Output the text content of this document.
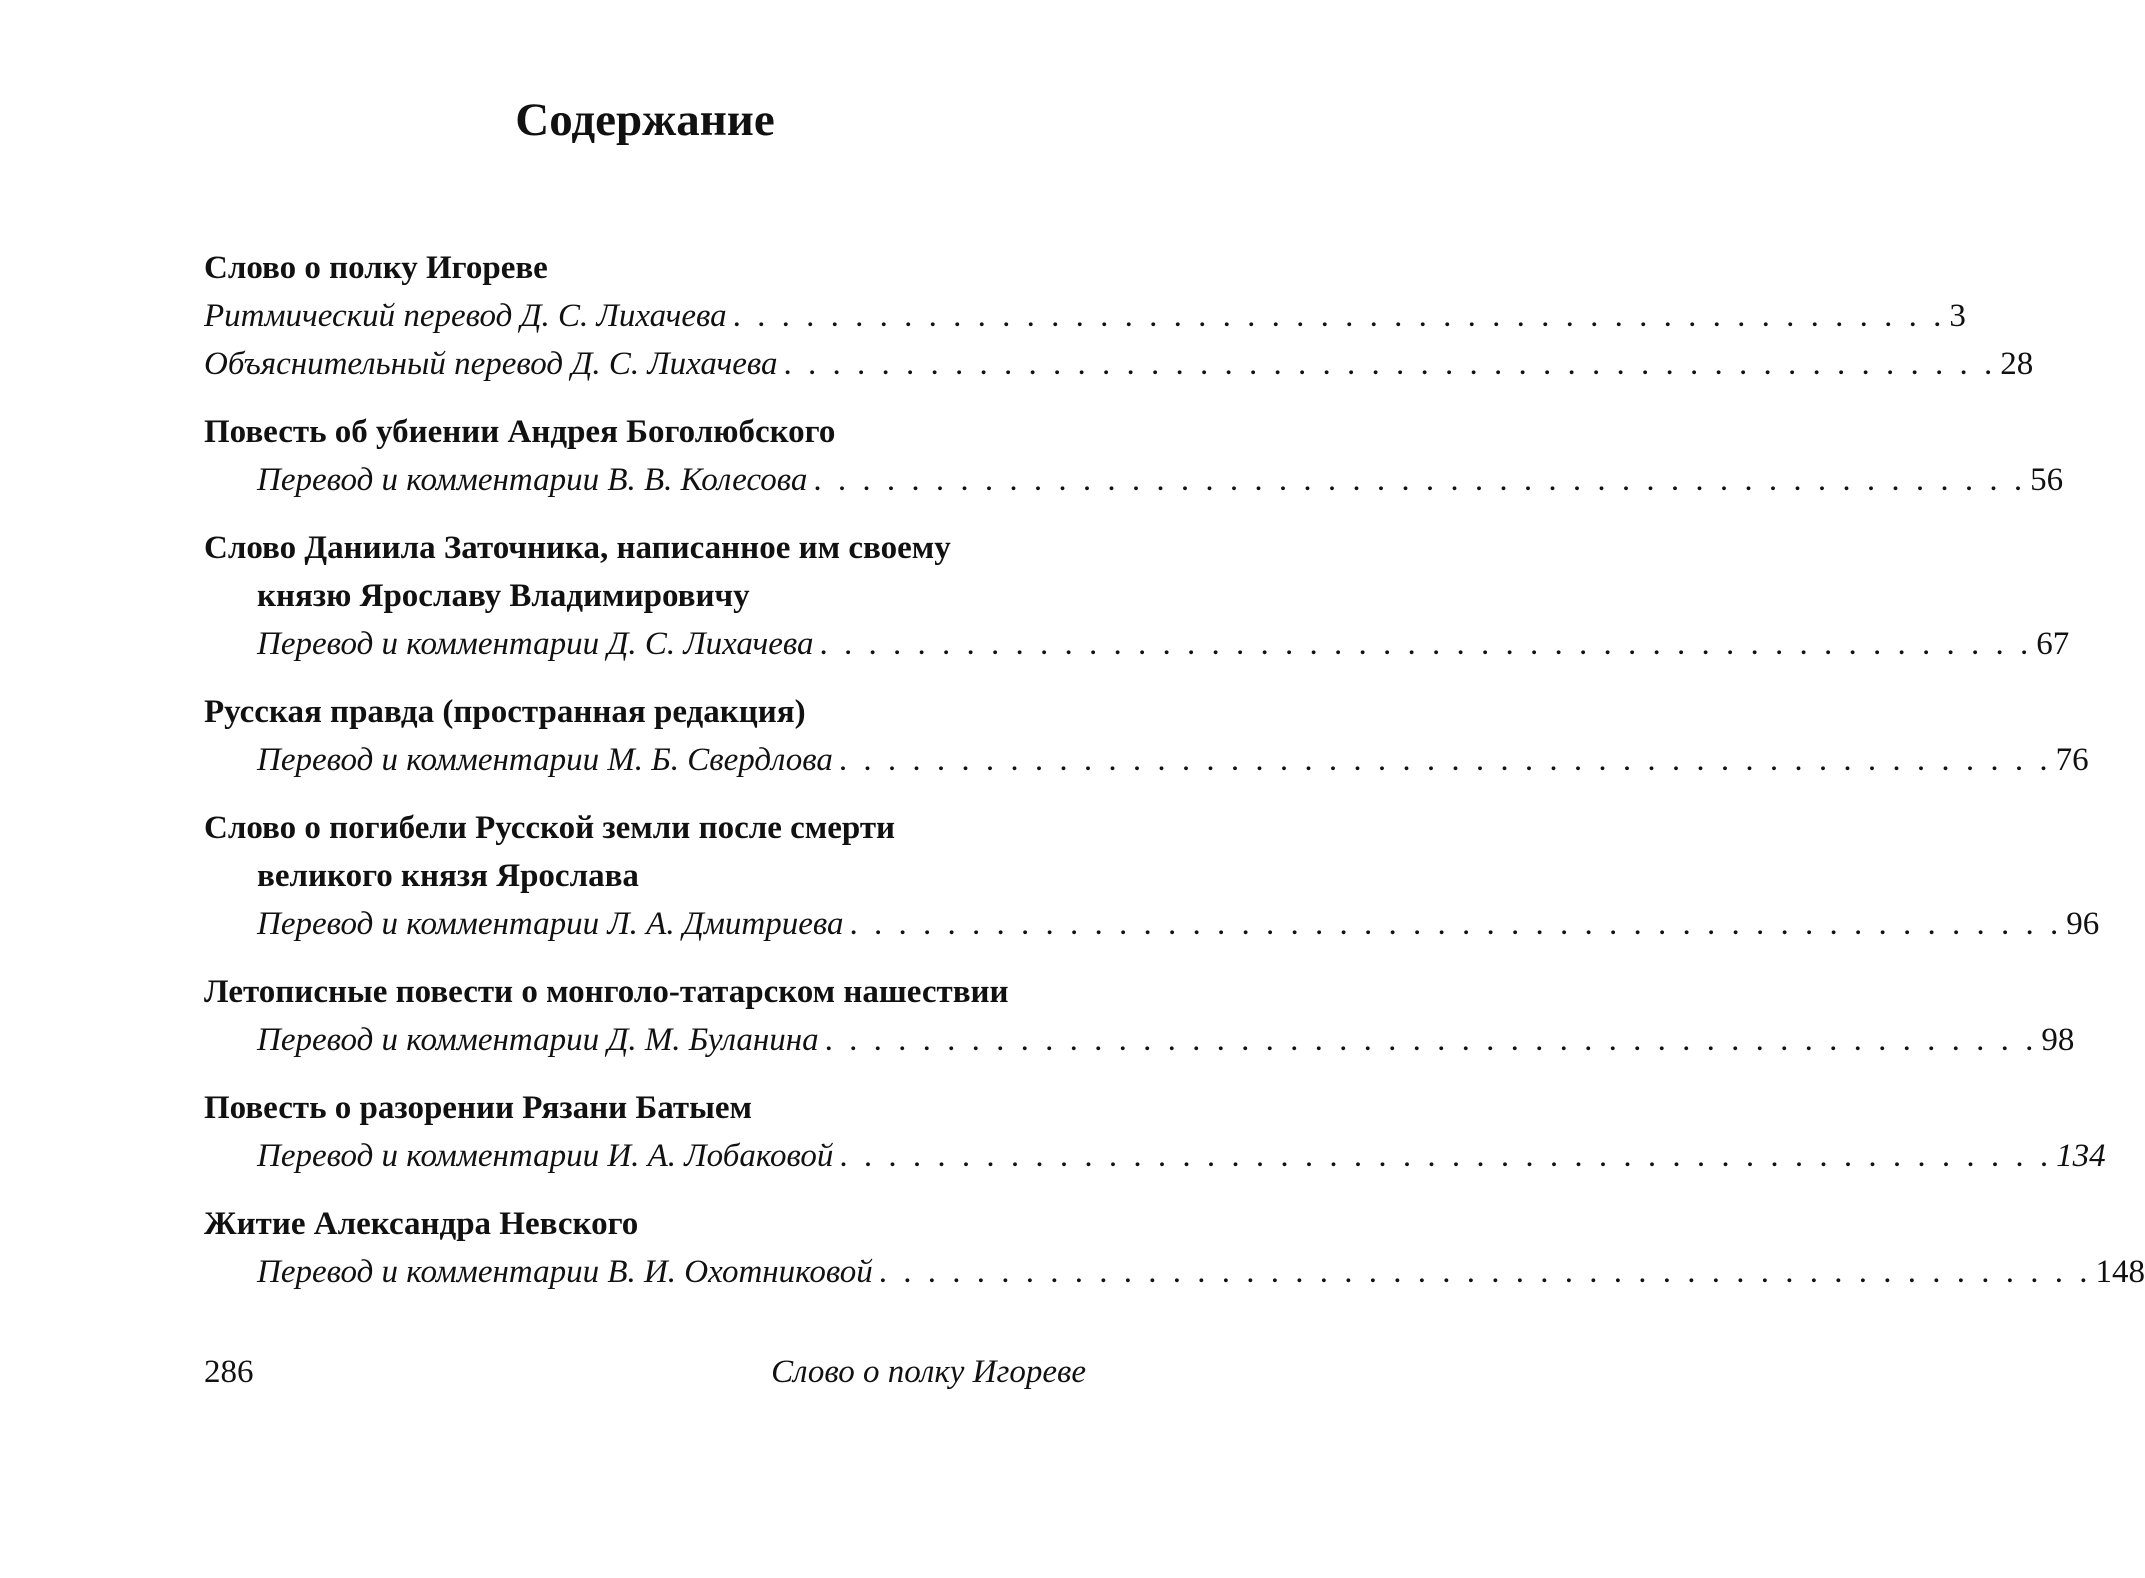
Содержание
Слово о полку Игореве
Ритмический перевод Д. С. Лихачева . . . . . . . . . . . . . . . . . . . . . . . . . . . . . . . . . . . . . . . . . . . . . . . . . . 3
Объяснительный перевод Д. С. Лихачева . . . . . . . . . . . . . . . . . . . . . . . . . . . . . . . . . . . . . . . . . . . . . . . . . . 28
Повесть об убиении Андрея Боголюбского
Перевод и комментарии В. В. Колесова . . . . . . . . . . . . . . . . . . . . . . . . . . . . . . . . . . . . . . . . . . . . . . . . . . 56
Слово Даниила Заточника, написанное им своему
князю Ярославу Владимировичу
Перевод и комментарии Д. С. Лихачева . . . . . . . . . . . . . . . . . . . . . . . . . . . . . . . . . . . . . . . . . . . . . . . . . . 67
Русская правда (пространная редакция)
Перевод и комментарии М. Б. Свердлова . . . . . . . . . . . . . . . . . . . . . . . . . . . . . . . . . . . . . . . . . . . . . . . . . . 76
Слово о погибели Русской земли после смерти
великого князя Ярослава
Перевод и комментарии Л. А. Дмитриева . . . . . . . . . . . . . . . . . . . . . . . . . . . . . . . . . . . . . . . . . . . . . . . . . . 96
Летописные повести о монголо-татарском нашествии
Перевод и комментарии Д. М. Буланина . . . . . . . . . . . . . . . . . . . . . . . . . . . . . . . . . . . . . . . . . . . . . . . . . . 98
Повесть о разорении Рязани Батыем
Перевод и комментарии И. А. Лобаковой . . . . . . . . . . . . . . . . . . . . . . . . . . . . . . . . . . . . . . . . . . . . . . . . . . 134
Житие Александра Невского
Перевод и комментарии В. И. Охотниковой . . . . . . . . . . . . . . . . . . . . . . . . . . . . . . . . . . . . . . . . . . . . . . . . . . 148
286	Слово о полку Игореве
